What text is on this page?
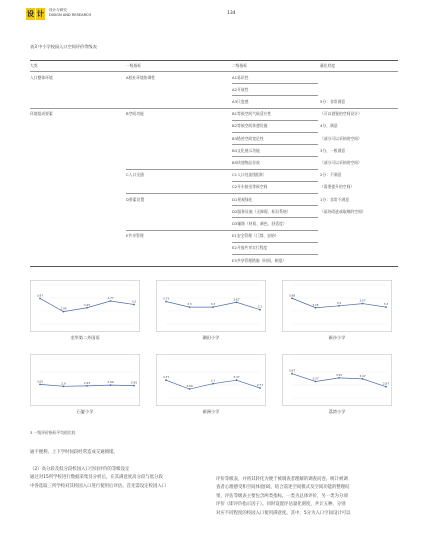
设 计 设计与研究
DISIGN AND RESEARCH	134
表3 中小学校园入口空间评价等级表
大类	一级指标	二级指标	量化档度
入口整体环境	A校社环境协调性	A1易识性
A2开放性
A3尺度感	5分：非常满意
环境组成要素	B空间功能	B1等候空间气候适应性	（可以借鉴的空间设计）
B2等候空间休憩设施	4分，满意
B3错迹空间宽足性	（部分可以采纳的空间）
B4文化展示功能	3分，一般满意
B5快递物品存放	（部分可以采纳的空间）
C入口交通	C1入口处流线组织	2分：不满意
C2开车接送等候空间	（需要提升的空间）
D要素设置	D1景观绿化	1分：非常不满意
D2服务设施（无障碍、标识系统）	（亟待改进或取缔的空间）
D3辅路（材质、颜色、舒适度）
E共享管理	E1安全管理（门禁、安防）
E2开放共享实行程度
E3共享管理措施（时间、制度）
3.97
2.95
3.25
3.77
3.5
龙华第二外国语
3.73
3.3	3.3
3.67
3.1
珊田小学
3.98
3.25	3.4
3.57
3.3
新沙小学
3.05	2.9	2.93	2.99	2.95
石厦小学
3.37
2.69
3.1
3.37
2.77
新洲小学
3.87
3.27
3.55	3.47
2.87
荔湾小学
3 一级评价指标平均值比较

通不便利、上下学时间段经常造成交通拥堵。

（2）高分段及低分段校园入口空间评价的等级设定

通过对15所学校进行数据采集及分析后，在其满意度高分段与低分段

中各选取三所学校对其校园入口进行使用后评估。首先需设定校园入口

评价等级表，并将其转化为便于被调查者理解的调查问卷。统计被调

查者心理感受和空间体验[8]，结合前述空间模式及空间功能的整理结

果，评估等级表主要包含两类指标，一类为总体评价，另一类为分项

评价（即评价指示因子）。同时设置评估量化刻度，共计五种，分别

对应不同程度的校园入口使用满意度。其中，5分为入口空间设计可以
